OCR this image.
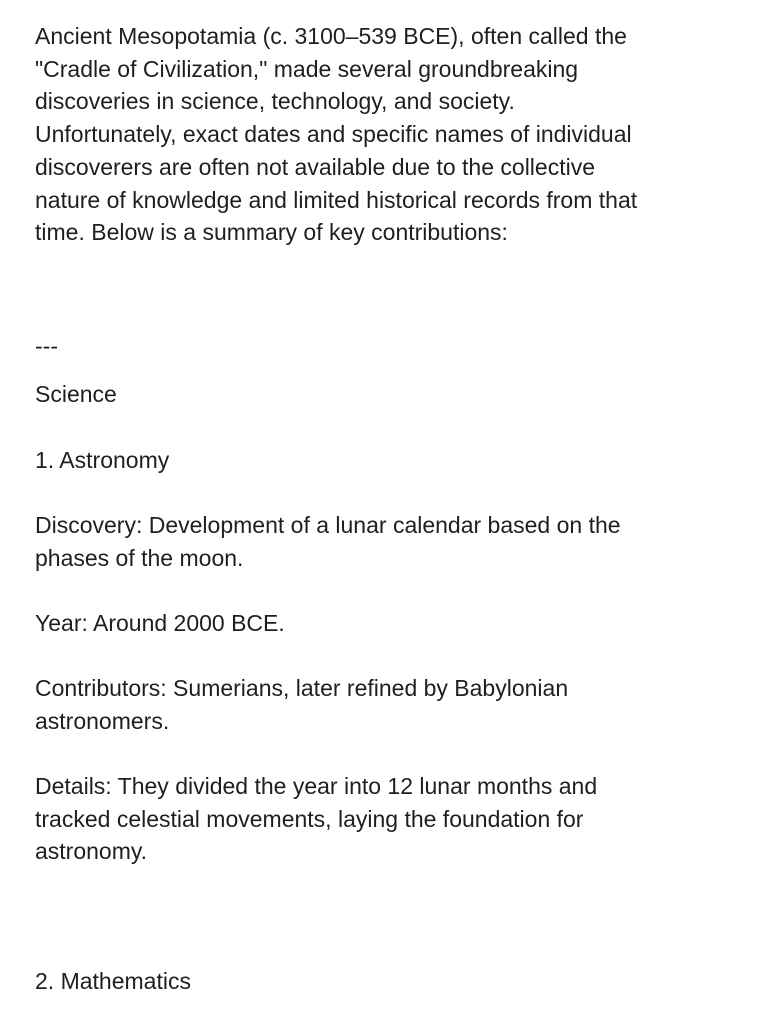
Ancient Mesopotamia (c. 3100–539 BCE), often called the
"Cradle of Civilization," made several groundbreaking
discoveries in science, technology, and society.
Unfortunately, exact dates and specific names of individual
discoverers are often not available due to the collective
nature of knowledge and limited historical records from that
time. Below is a summary of key contributions:

---

Science

1. Astronomy

Discovery: Development of a lunar calendar based on the
phases of the moon.

Year: Around 2000 BCE.

Contributors: Sumerians, later refined by Babylonian
astronomers.

Details: They divided the year into 12 lunar months and
tracked celestial movements, laying the foundation for
astronomy.

2. Mathematics
